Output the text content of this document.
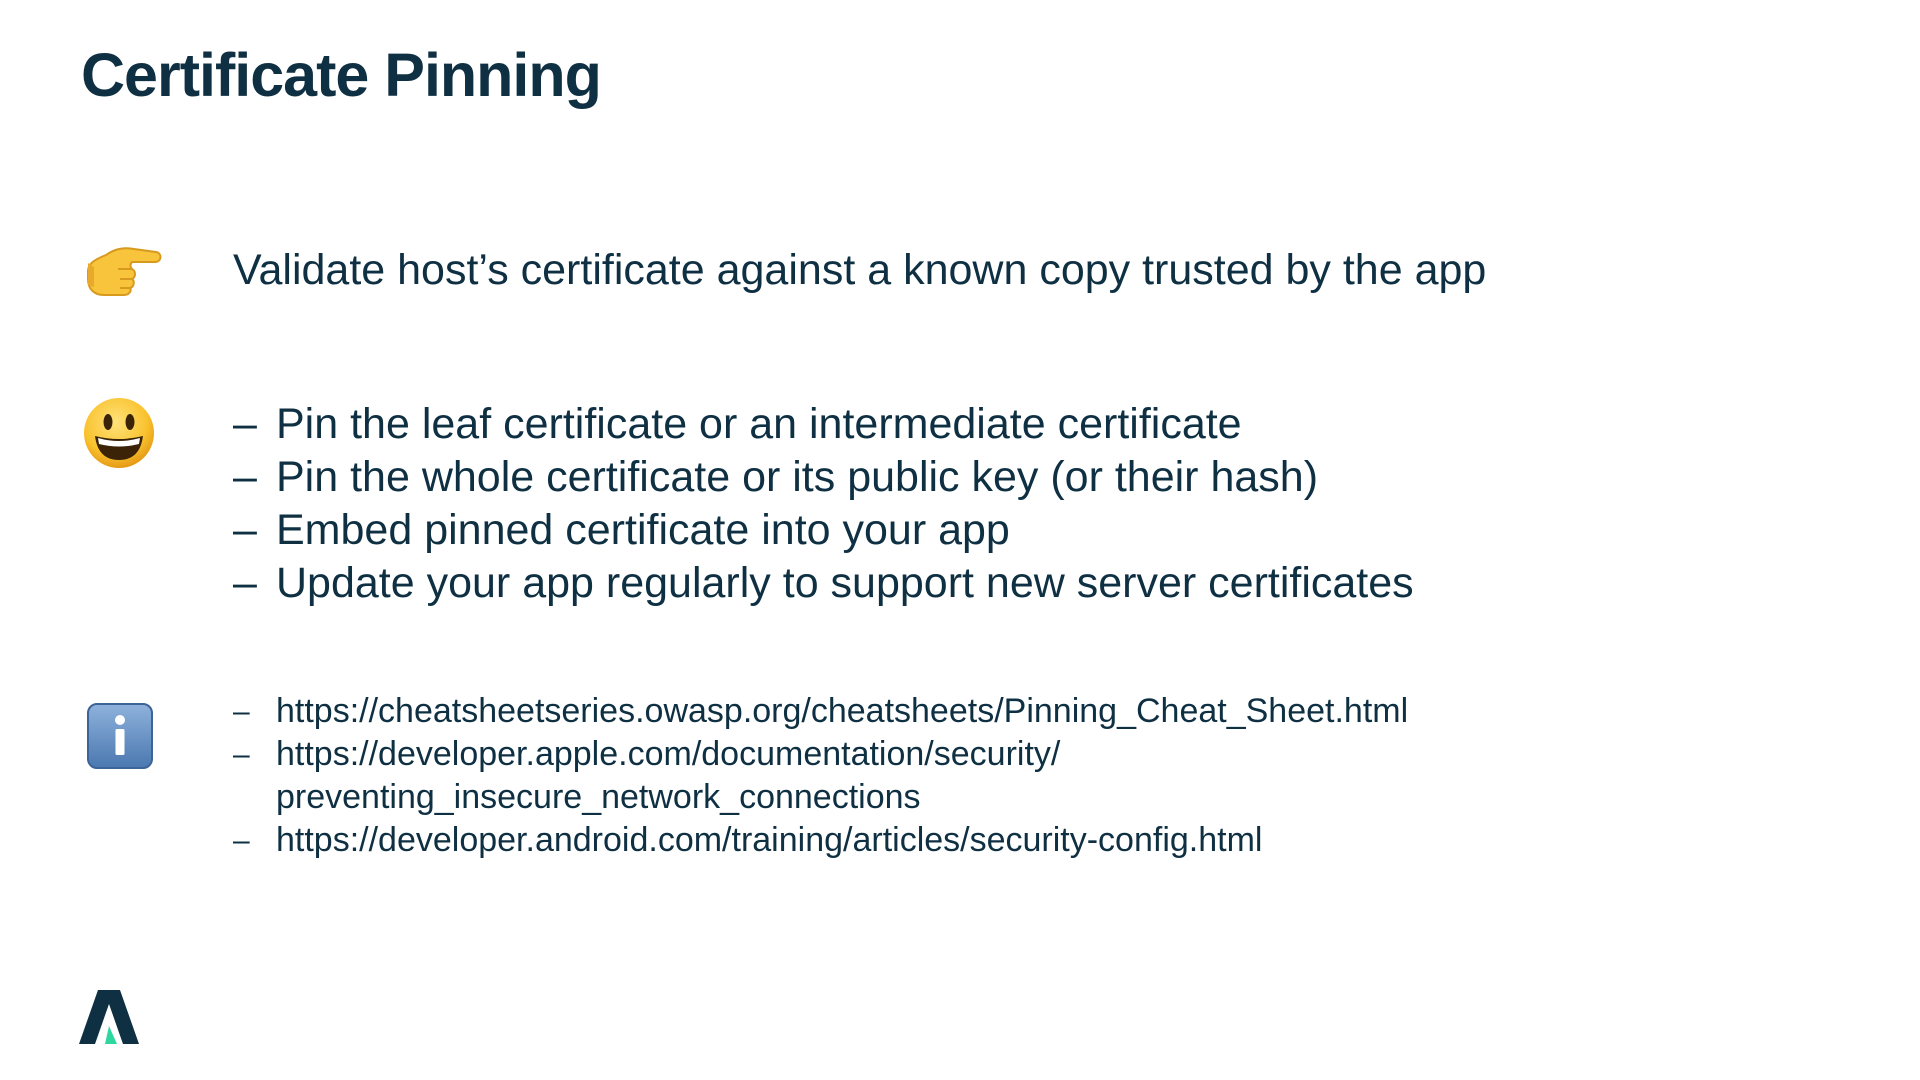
Certificate Pinning

Validate host’s certificate against a known copy trusted by the app

– Pin the leaf certificate or an intermediate certificate
– Pin the whole certificate or its public key (or their hash)
– Embed pinned certificate into your app
– Update your app regularly to support new server certificates
– https://cheatsheetseries.owasp.org/cheatsheets/Pinning_Cheat_Sheet.html
– https://developer.apple.com/documentation/security/
preventing_insecure_network_connections
– https://developer.android.com/training/articles/security-config.html
